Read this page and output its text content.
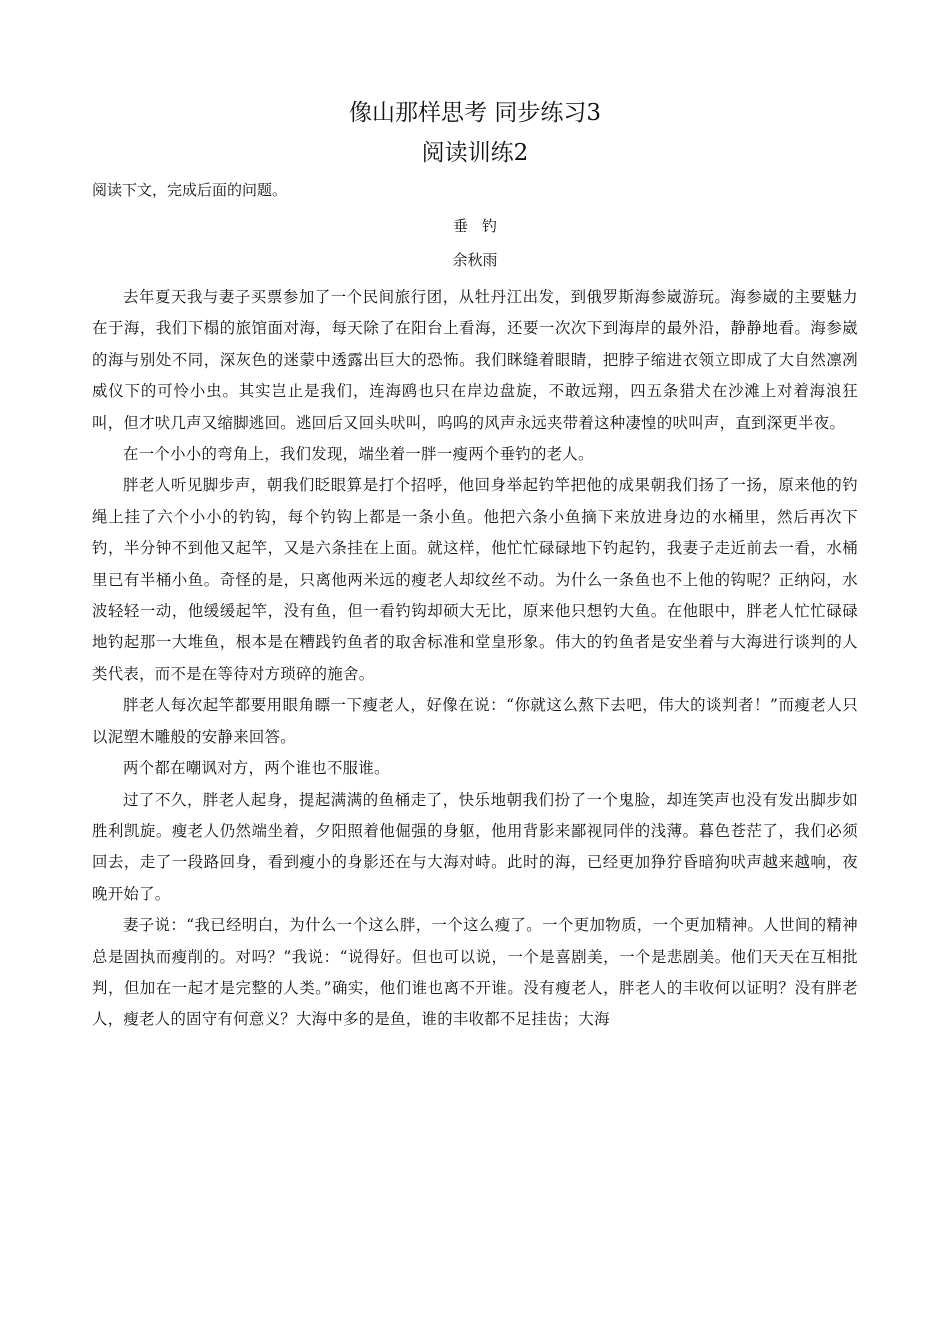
像山那样思考 同步练习3
阅读训练2
阅读下文，完成后面的问题。
垂钓
余秋雨

去年夏天我与妻子买票参加了一个民间旅行团，从牡丹江出发，到俄罗斯海参崴游玩。海参崴的主要魅力在于海，我们下榻的旅馆面对海，每天除了在阳台上看海，还要一次次下到海岸的最外沿，静静地看。海参崴的海与别处不同，深灰色的迷蒙中透露出巨大的恐怖。我们眯缝着眼睛，把脖子缩进衣领立即成了大自然凛冽威仪下的可怜小虫。其实岂止是我们，连海鸥也只在岸边盘旋，不敢远翔，四五条猎犬在沙滩上对着海浪狂叫，但才吠几声又缩脚逃回。逃回后又回头吠叫，呜呜的风声永远夹带着这种凄惶的吠叫声，直到深更半夜。

在一个小小的弯角上，我们发现，端坐着一胖一瘦两个垂钓的老人。

胖老人听见脚步声，朝我们眨眼算是打个招呼，他回身举起钓竿把他的成果朝我们扬了一扬，原来他的钓绳上挂了六个小小的钓钩，每个钓钩上都是一条小鱼。他把六条小鱼摘下来放进身边的水桶里，然后再次下钓，半分钟不到他又起竿，又是六条挂在上面。就这样，他忙忙碌碌地下钓起钓，我妻子走近前去一看，水桶里已有半桶小鱼。奇怪的是，只离他两米远的瘦老人却纹丝不动。为什么一条鱼也不上他的钩呢？正纳闷，水波轻轻一动，他缓缓起竿，没有鱼，但一看钓钩却硕大无比，原来他只想钓大鱼。在他眼中，胖老人忙忙碌碌地钓起那一大堆鱼，根本是在糟践钓鱼者的取舍标准和堂皇形象。伟大的钓鱼者是安坐着与大海进行谈判的人类代表，而不是在等待对方琐碎的施舍。

胖老人每次起竿都要用眼角瞟一下瘦老人，好像在说：“你就这么熬下去吧，伟大的谈判者！”而瘦老人只以泥塑木雕般的安静来回答。

两个都在嘲讽对方，两个谁也不服谁。

过了不久，胖老人起身，提起满满的鱼桶走了，快乐地朝我们扮了一个鬼脸，却连笑声也没有发出脚步如胜利凯旋。瘦老人仍然端坐着，夕阳照着他倔强的身躯，他用背影来鄙视同伴的浅薄。暮色苍茫了，我们必须回去，走了一段路回身，看到瘦小的身影还在与大海对峙。此时的海，已经更加狰狞昏暗狗吠声越来越响，夜晚开始了。

妻子说：“我已经明白，为什么一个这么胖，一个这么瘦了。一个更加物质，一个更加精神。人世间的精神总是固执而瘦削的。对吗？”我说：“说得好。但也可以说，一个是喜剧美，一个是悲剧美。他们天天在互相批判，但加在一起才是完整的人类。”确实，他们谁也离不开谁。没有瘦老人，胖老人的丰收何以证明？没有胖老人，瘦老人的固守有何意义？大海中多的是鱼，谁的丰收都不足挂齿；大海
